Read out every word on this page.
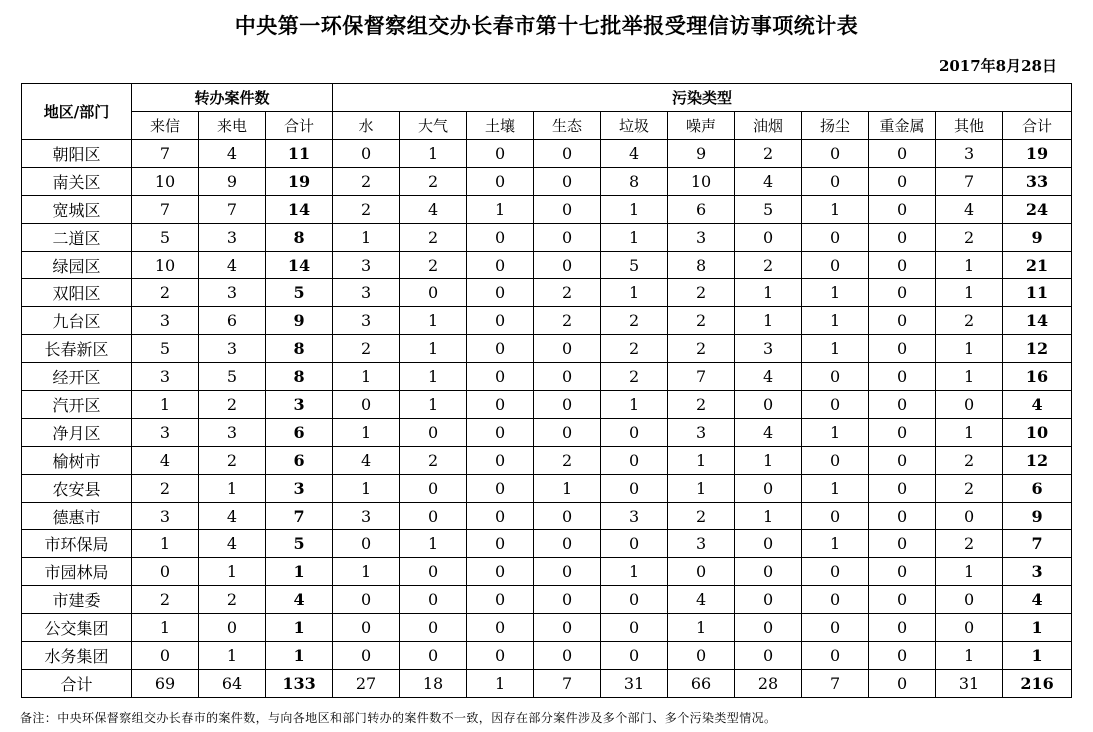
中央第一环保督察组交办长春市第十七批举报受理信访事项统计表
2017年8月28日
地区/部门	转办案件数			污染类型										
	来信	来电	合计	水	大气	土壤	生态	垃圾	噪声	油烟	扬尘	重金属	其他	合计
朝阳区	7	4	11	0	1	0	0	4	9	2	0	0	3	19
南关区	10	9	19	2	2	0	0	8	10	4	0	0	7	33
宽城区	7	7	14	2	4	1	0	1	6	5	1	0	4	24
二道区	5	3	8	1	2	0	0	1	3	0	0	0	2	9
绿园区	10	4	14	3	2	0	0	5	8	2	0	0	1	21
双阳区	2	3	5	3	0	0	2	1	2	1	1	0	1	11
九台区	3	6	9	3	1	0	2	2	2	1	1	0	2	14
长春新区	5	3	8	2	1	0	0	2	2	3	1	0	1	12
经开区	3	5	8	1	1	0	0	2	7	4	0	0	1	16
汽开区	1	2	3	0	1	0	0	1	2	0	0	0	0	4
净月区	3	3	6	1	0	0	0	0	3	4	1	0	1	10
榆树市	4	2	6	4	2	0	2	0	1	1	0	0	2	12
农安县	2	1	3	1	0	0	1	0	1	0	1	0	2	6
德惠市	3	4	7	3	0	0	0	3	2	1	0	0	0	9
市环保局	1	4	5	0	1	0	0	0	3	0	1	0	2	7
市园林局	0	1	1	1	0	0	0	1	0	0	0	0	1	3
市建委	2	2	4	0	0	0	0	0	4	0	0	0	0	4
公交集团	1	0	1	0	0	0	0	0	1	0	0	0	0	1
水务集团	0	1	1	0	0	0	0	0	0	0	0	0	1	1
合计	69	64	133	27	18	1	7	31	66	28	7	0	31	216
备注：中央环保督察组交办长春市的案件数，与向各地区和部门转办的案件数不一致，因存在部分案件涉及多个部门、多个污染类型情况。
